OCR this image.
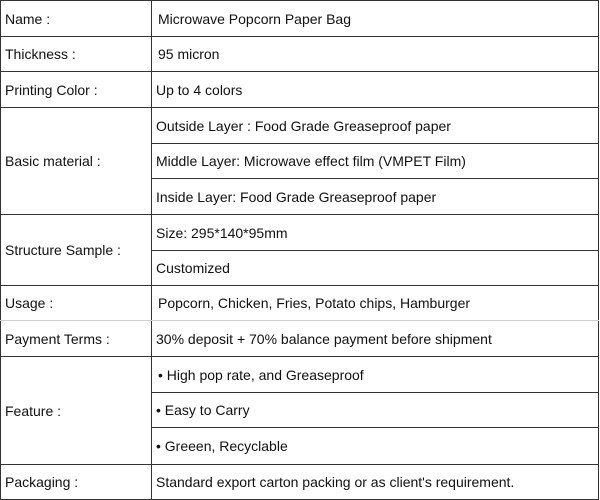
Name :	Microwave Popcorn Paper Bag
Thickness :	95 micron
Printing Color :	Up to 4 colors
Basic material :	Outside Layer : Food Grade Greaseproof paper
	Middle Layer: Microwave effect film (VMPET Film)
	Inside Layer: Food Grade Greaseproof paper
Structure Sample :	Size: 295*140*95mm
	Customized
Usage :	Popcorn, Chicken, Fries, Potato chips, Hamburger
Payment Terms :	30% deposit + 70% balance payment before shipment
Feature :	• High pop rate, and Greaseproof
	• Easy to Carry
	• Greeen, Recyclable
Packaging :	Standard export carton packing or as client's requirement.
